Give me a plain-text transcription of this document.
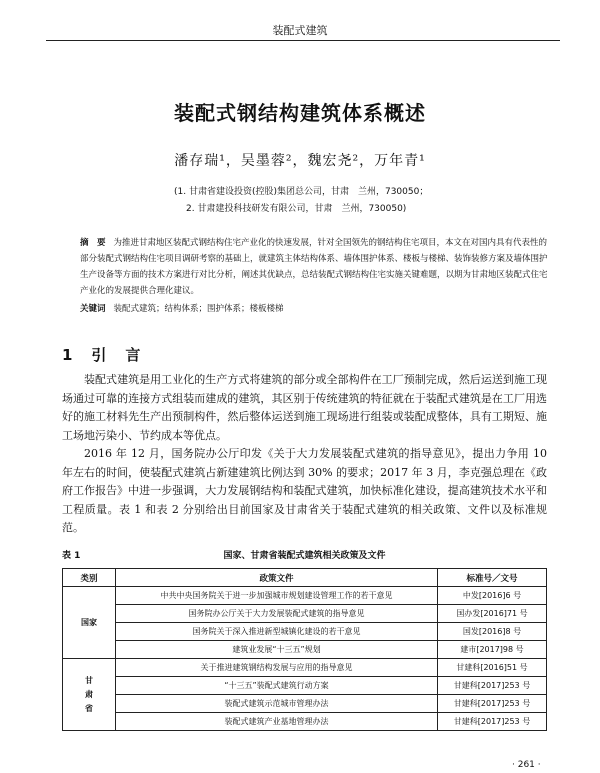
装配式建筑
装配式钢结构建筑体系概述
潘存瑞¹，吴墨蓉²，魏宏尧²，万年青¹
(1. 甘肃省建设投资(控股)集团总公司，甘肃　兰州，730050；
2. 甘肃建投科技研发有限公司，甘肃　兰州，730050)

摘　要 为推进甘肃地区装配式钢结构住宅产业化的快速发展，针对全国领先的钢结构住宅项目，本文在对国内具有代表性的部分装配式钢结构住宅项目调研考察的基础上，就建筑主体结构体系、墙体围护体系、楼板与楼梯、装饰装修方案及墙体围护生产设备等方面的技术方案进行对比分析，阐述其优缺点，总结装配式钢结构住宅实施关键难题，以期为甘肃地区装配式住宅产业化的发展提供合理化建议。

关键词 装配式建筑；结构体系；围护体系；楼板楼梯
1　引　言

装配式建筑是用工业化的生产方式将建筑的部分或全部构件在工厂预制完成，然后运送到施工现场通过可靠的连接方式组装而建成的建筑，其区别于传统建筑的特征就在于装配式建筑是在工厂用选好的施工材料先生产出预制构件，然后整体运送到施工现场进行组装或装配成整体，具有工期短、施工场地污染小、节约成本等优点。

2016 年 12 月，国务院办公厅印发《关于大力发展装配式建筑的指导意见》，提出力争用 10 年左右的时间，使装配式建筑占新建建筑比例达到 30% 的要求；2017 年 3 月，李克强总理在《政府工作报告》中进一步强调，大力发展钢结构和装配式建筑，加快标准化建设，提高建筑技术水平和工程质量。表 1 和表 2 分别给出目前国家及甘肃省关于装配式建筑的相关政策、文件以及标准规范。

表 1	国家、甘肃省装配式建筑相关政策及文件
类别	政策文件	标准号／文号
国家	中共中央国务院关于进一步加强城市规划建设管理工作的若干意见	中发[2016]6 号
	国务院办公厅关于大力发展装配式建筑的指导意见	国办发[2016]71 号
	国务院关于深入推进新型城镇化建设的若干意见	国发[2016]8 号
	建筑业发展“十三五”规划	建市[2017]98 号
甘
肃
省	关于推进建筑钢结构发展与应用的指导意见	甘建科[2016]51 号
	“十三五”装配式建筑行动方案	甘建科[2017]253 号
	装配式建筑示范城市管理办法	甘建科[2017]253 号
	装配式建筑产业基地管理办法	甘建科[2017]253 号
· 261 ·
